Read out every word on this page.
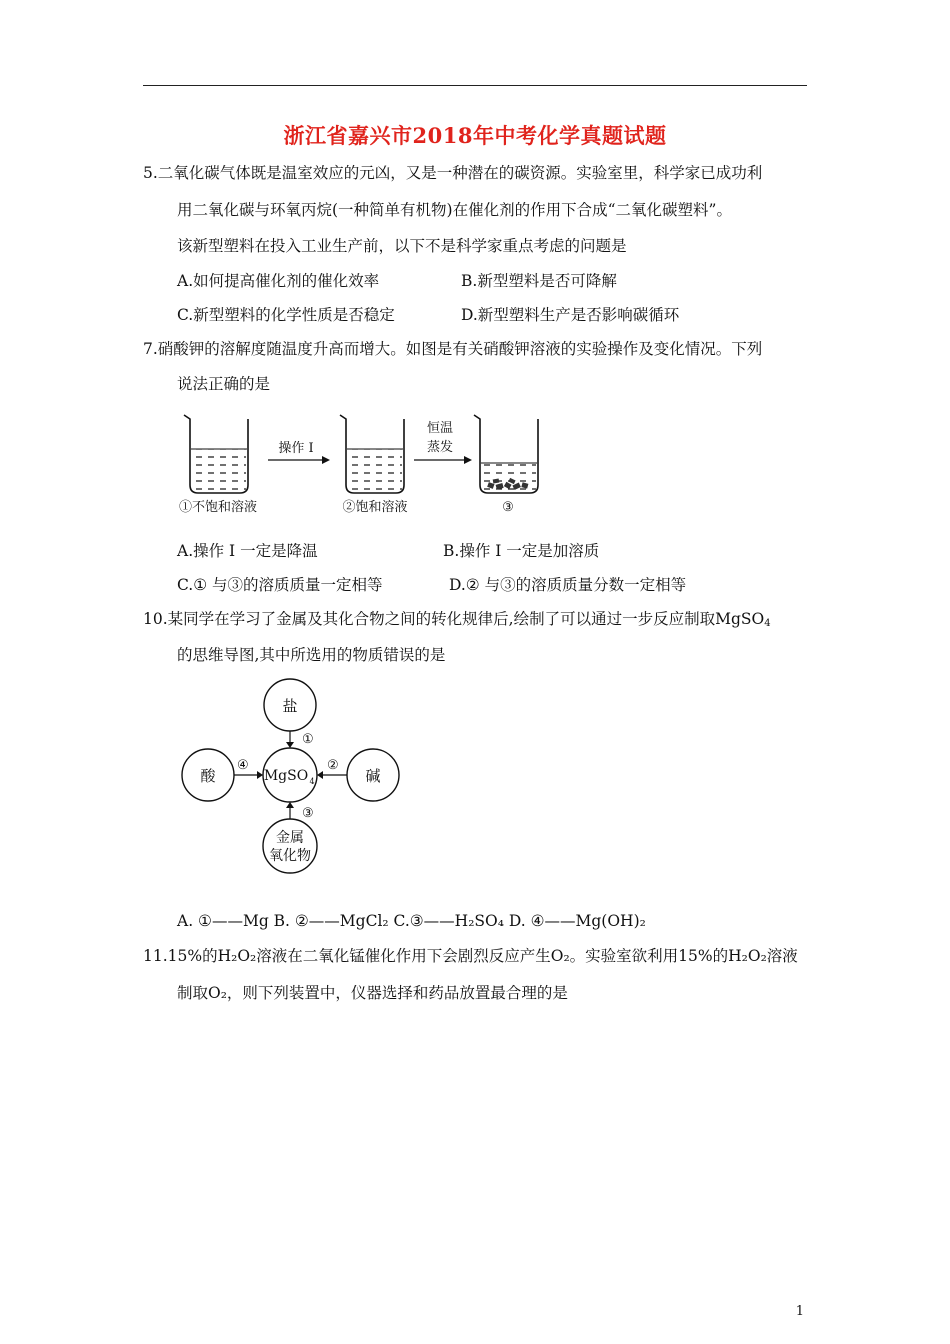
浙江省嘉兴市2018年中考化学真题试题
5.二氧化碳气体既是温室效应的元凶，又是一种潜在的碳资源。实验室里，科学家已成功利
用二氧化碳与环氧丙烷(一种简单有机物)在催化剂的作用下合成“二氧化碳塑料”。
该新型塑料在投入工业生产前，以下不是科学家重点考虑的问题是
A.如何提高催化剂的催化效率	B.新型塑料是否可降解
C.新型塑料的化学性质是否稳定	D.新型塑料生产是否影响碳循环
7.硝酸钾的溶解度随温度升高而增大。如图是有关硝酸钾溶液的实验操作及变化情况。下列
说法正确的是
操作 I
恒温
蒸发
①不饱和溶液	②饱和溶液	③
A.操作 I 一定是降温	B.操作 I 一定是加溶质
C.① 与③的溶质质量一定相等	D.② 与③的溶质质量分数一定相等
10.某同学在学习了金属及其化合物之间的转化规律后,绘制了可以通过一步反应制取MgSO$_4$
的思维导图,其中所选用的物质错误的是
盐
酸	碱
MgSO 4
金属
氧化物
①
④	②
③
A. ①——Mg B. ②——MgCl₂ C.③——H₂SO₄ D. ④——Mg(OH)₂
11.15%的H₂O₂溶液在二氧化锰催化作用下会剧烈反应产生O₂。实验室欲利用15%的H₂O₂溶液
制取O₂，则下列装置中，仪器选择和药品放置最合理的是
1
